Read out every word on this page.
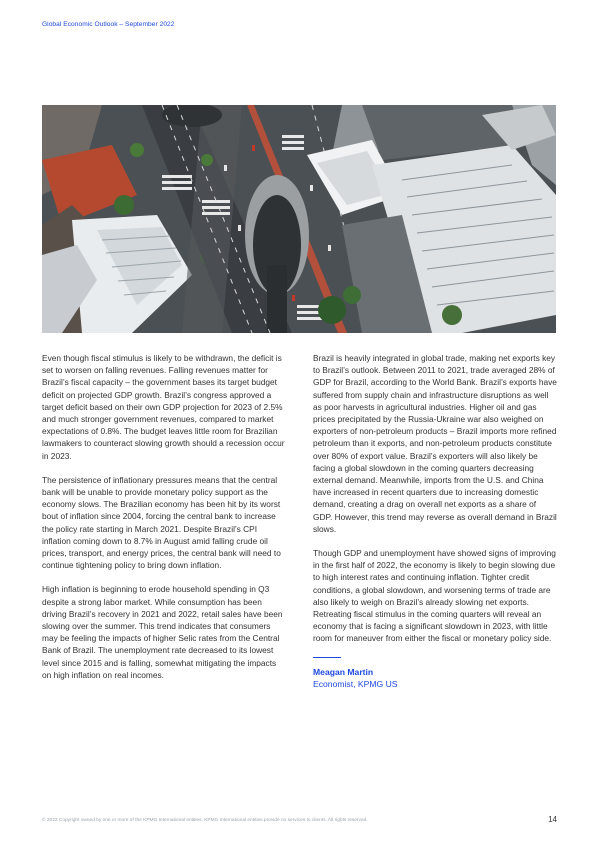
Global Economic Outlook – September 2022

Even though fiscal stimulus is likely to be withdrawn, the deficit is set to worsen on falling revenues. Falling revenues matter for Brazil’s fiscal capacity – the government bases its target budget deficit on projected GDP growth. Brazil’s congress approved a target deficit based on their own GDP projection for 2023 of 2.5% and much stronger government revenues, compared to market expectations of 0.8%. The budget leaves little room for Brazilian lawmakers to counteract slowing growth should a recession occur in 2023.

The persistence of inflationary pressures means that the central bank will be unable to provide monetary policy support as the economy slows. The Brazilian economy has been hit by its worst bout of inflation since 2004, forcing the central bank to increase the policy rate starting in March 2021. Despite Brazil’s CPI inflation coming down to 8.7% in August amid falling crude oil prices, transport, and energy prices, the central bank will need to continue tightening policy to bring down inflation.

High inflation is beginning to erode household spending in Q3 despite a strong labor market. While consumption has been driving Brazil’s recovery in 2021 and 2022, retail sales have been slowing over the summer. This trend indicates that consumers may be feeling the impacts of higher Selic rates from the Central Bank of Brazil. The unemployment rate decreased to its lowest level since 2015 and is falling, somewhat mitigating the impacts on high inflation on real incomes.

Brazil is heavily integrated in global trade, making net exports key to Brazil’s outlook. Between 2011 to 2021, trade averaged 28% of GDP for Brazil, according to the World Bank. Brazil’s exports have suffered from supply chain and infrastructure disruptions as well as poor harvests in agricultural industries. Higher oil and gas prices precipitated by the Russia-Ukraine war also weighed on exporters of non-petroleum products – Brazil imports more refined petroleum than it exports, and non-petroleum products constitute over 80% of export value. Brazil’s exporters will also likely be facing a global slowdown in the coming quarters decreasing external demand. Meanwhile, imports from the U.S. and China have increased in recent quarters due to increasing domestic demand, creating a drag on overall net exports as a share of GDP. However, this trend may reverse as overall demand in Brazil slows.

Though GDP and unemployment have showed signs of improving in the first half of 2022, the economy is likely to begin slowing due to high interest rates and continuing inflation. Tighter credit conditions, a global slowdown, and worsening terms of trade are also likely to weigh on Brazil’s already slowing net exports. Retreating fiscal stimulus in the coming quarters will reveal an economy that is facing a significant slowdown in 2023, with little room for maneuver from either the fiscal or monetary policy side.

Meagan Martin
Economist, KPMG US
© 2022 Copyright owned by one or more of the KPMG International entities. KPMG International entities provide no services to clients. All rights reserved.	14
